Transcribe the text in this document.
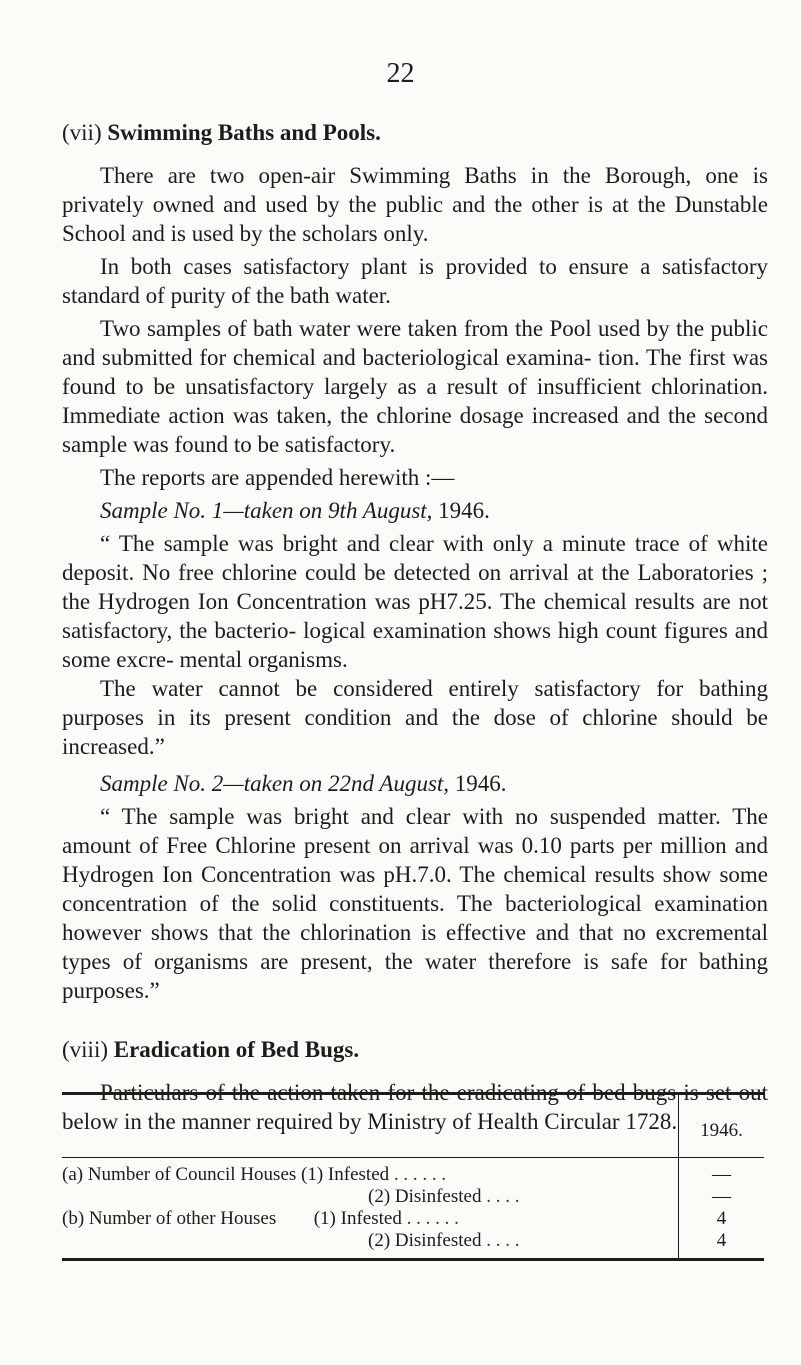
22
(vii) Swimming Baths and Pools.

There are two open-air Swimming Baths in the Borough, one is privately owned and used by the public and the other is at the Dunstable School and is used by the scholars only.

In both cases satisfactory plant is provided to ensure a satisfactory standard of purity of the bath water.

Two samples of bath water were taken from the Pool used by the public and submitted for chemical and bacteriological examina- tion. The first was found to be unsatisfactory largely as a result of insufficient chlorination. Immediate action was taken, the chlorine dosage increased and the second sample was found to be satisfactory.

The reports are appended herewith :—

Sample No. 1—taken on 9th August, 1946.

“ The sample was bright and clear with only a minute trace of white deposit. No free chlorine could be detected on arrival at the Laboratories ; the Hydrogen Ion Concentration was pH7.25. The chemical results are not satisfactory, the bacterio- logical examination shows high count figures and some excre- mental organisms.

The water cannot be considered entirely satisfactory for bathing purposes in its present condition and the dose of chlorine should be increased.”

Sample No. 2—taken on 22nd August, 1946.

“ The sample was bright and clear with no suspended matter. The amount of Free Chlorine present on arrival was 0.10 parts per million and Hydrogen Ion Concentration was pH.7.0. The chemical results show some concentration of the solid constituents. The bacteriological examination however shows that the chlorination is effective and that no excremental types of organisms are present, the water therefore is safe for bathing purposes.”

(viii) Eradication of Bed Bugs.

Particulars of the action taken for the eradicating of bed bugs is set out below in the manner required by Ministry of Health Circular 1728.

		1946.
(a) Number of Council Houses (1) Infested . . . . . .	—
(2) Disinfested . . . .	—
(b) Number of other Houses (1) Infested . . . . . .	4
(2) Disinfested . . . .	4
